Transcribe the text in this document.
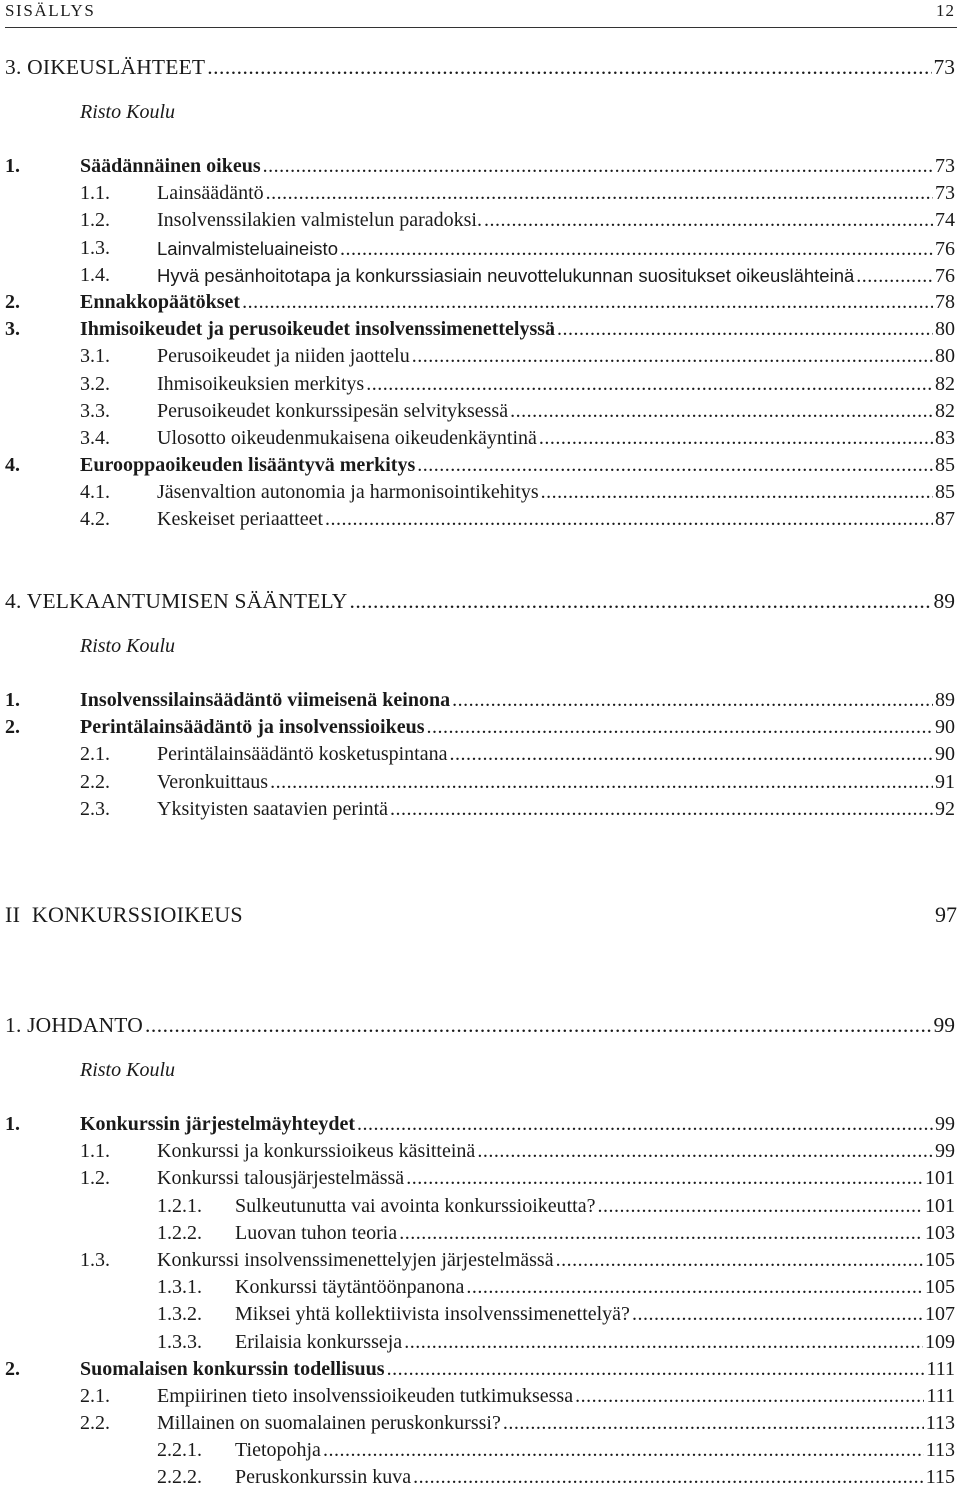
SISÄLLYS	12
3. OIKEUSLÄHTEET .....	73
Risto Koulu
1.	Säädännäinen oikeus .....	73
1.1. Lainsäädäntö .....	73
1.2. Insolvenssilakien valmistelun paradoksi. .....	74
1.3.	Lainvalmisteluaineisto .....	76
1.4.	Hyvä pesänhoitotapa ja konkurssiasiain neuvottelukunnan suositukset oikeuslähteinä .....	76
2.	Ennakkopäätökset .....	78
3.	Ihmisoikeudet ja perusoikeudet insolvenssimenettelyssä .....	80
3.1. Perusoikeudet ja niiden jaottelu .....	80
3.2. Ihmisoikeuksien merkitys .....	82
3.3. Perusoikeudet konkurssipesän selvityksessä .....	82
3.4. Ulosotto oikeudenmukaisena oikeudenkäyntinä .....	83
4.	Eurooppaoikeuden lisääntyvä merkitys .....	85
4.1. Jäsenvaltion autonomia ja harmonisointikehitys .....	85
4.2. Keskeiset periaatteet .....	87
4. VELKAANTUMISEN SÄÄNTELY .....	89
Risto Koulu
1.	Insolvenssilainsäädäntö viimeisenä keinona .....	89
2.	Perintälainsäädäntö ja insolvenssioikeus .....	90
2.1. Perintälainsäädäntö kosketuspintana .....	90
2.2. Veronkuittaus .....	91
2.3. Yksityisten saatavien perintä .....	92
II  KONKURSSIOIKEUS	97
1. JOHDANTO .....	99
Risto Koulu
1.	Konkurssin järjestelmäyhteydet .....	99
1.1. Konkurssi ja konkurssioikeus käsitteinä .....	99
1.2. Konkurssi talousjärjestelmässä .....	101
1.2.1. Sulkeutunutta vai avointa konkurssioikeutta? .....	101
1.2.2. Luovan tuhon teoria .....	103
1.3. Konkurssi insolvenssimenettelyjen järjestelmässä .....	105
1.3.1. Konkurssi täytäntöönpanona .....	105
1.3.2. Miksei yhtä kollektiivista insolvenssimenettelyä? .....	107
1.3.3. Erilaisia konkursseja .....	109
2.	Suomalaisen konkurssin todellisuus .....	111
2.1. Empiirinen tieto insolvenssioikeuden tutkimuksessa .....	111
2.2. Millainen on suomalainen peruskonkurssi? .....	113
2.2.1. Tietopohja .....	113
2.2.2. Peruskonkurssin kuva .....	115
